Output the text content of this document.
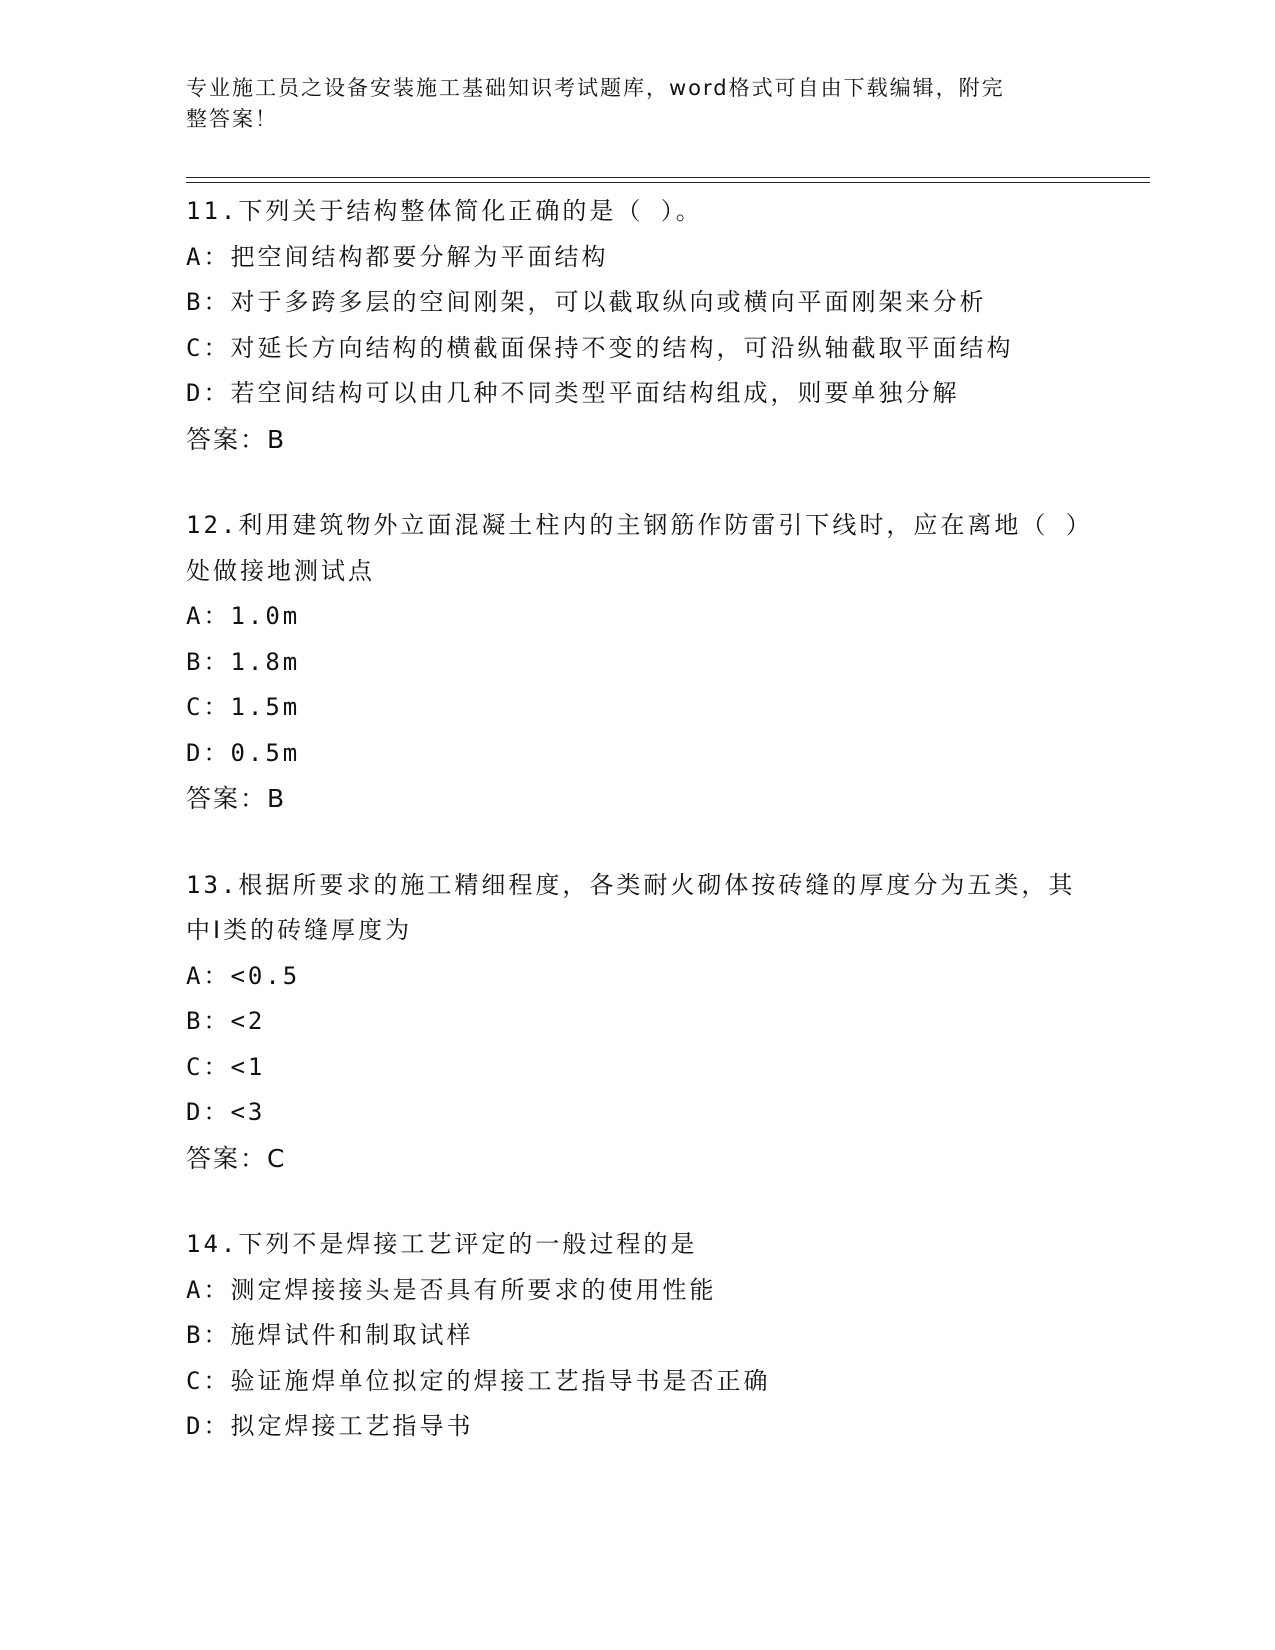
专业施工员之设备安装施工基础知识考试题库，word格式可自由下载编辑，附完
整答案！
11.下列关于结构整体简化正确的是（ ）。
A：把空间结构都要分解为平面结构
B：对于多跨多层的空间刚架，可以截取纵向或横向平面刚架来分析
C：对延长方向结构的横截面保持不变的结构，可沿纵轴截取平面结构
D：若空间结构可以由几种不同类型平面结构组成，则要单独分解
答案：B
12.利用建筑物外立面混凝土柱内的主钢筋作防雷引下线时，应在离地（ ）处做接地测试点
A：1.0m
B：1.8m
C：1.5m
D：0.5m
答案：B
13.根据所要求的施工精细程度，各类耐火砌体按砖缝的厚度分为五类，其中Ⅰ类的砖缝厚度为
A：<0.5
B：<2
C：<1
D：<3
答案：C
14.下列不是焊接工艺评定的一般过程的是
A：测定焊接接头是否具有所要求的使用性能
B：施焊试件和制取试样
C：验证施焊单位拟定的焊接工艺指导书是否正确
D：拟定焊接工艺指导书
